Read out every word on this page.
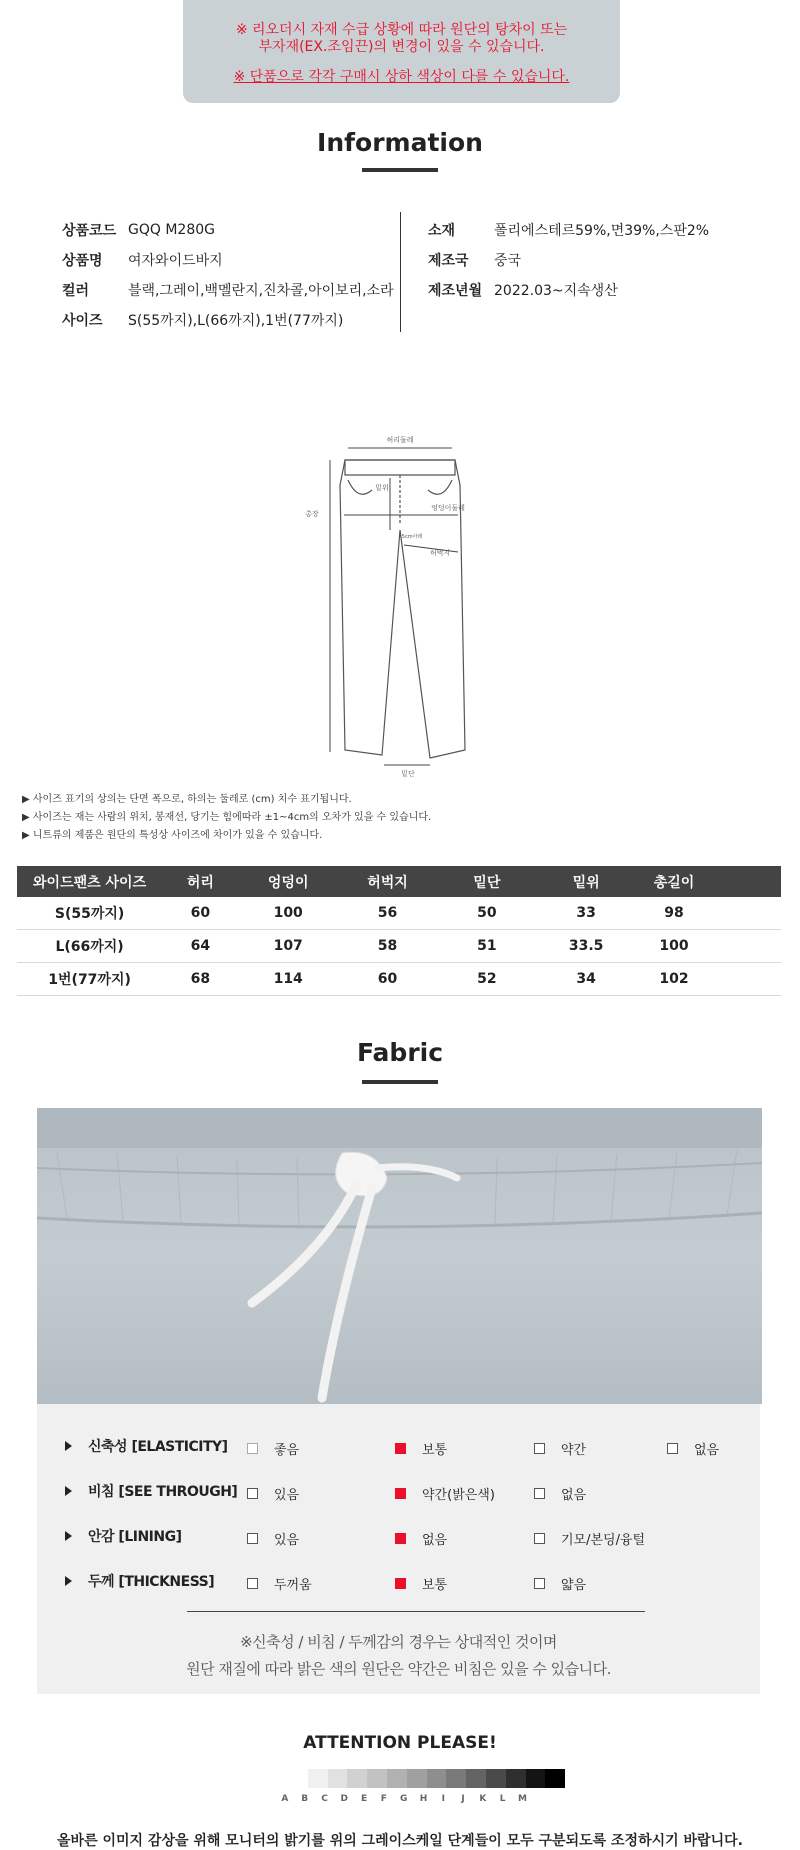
※ 리오더시 자재 수급 상황에 따라 원단의 탕차이 또는
부자재(EX.조임끈)의 변경이 있을 수 있습니다.
※ 단품으로 각각 구매시 상하 색상이 다를 수 있습니다.
Information
상품코드 GQQ M280G
상품명	여자와이드바지
컬러	블랙,그레이,백멜란지,진차콜,아이보리,소라
사이즈	S(55까지),L(66까지),1번(77까지)
소재	폴리에스테르59%,면39%,스판2%
제조국	중국
제조년월 2022.03~지속생산
허리둘레
총장
밑위
엉덩이둘레
5cm아래
허벅지
밑단
▶ 사이즈 표기의 상의는 단면 폭으로, 하의는 둘레로 (cm) 치수 표기됩니다.
▶ 사이즈는 재는 사람의 위치, 봉재선, 당기는 힘에따라 ±1~4cm의 오차가 있을 수 있습니다.
▶ 니트류의 제품은 원단의 특성상 사이즈에 차이가 있을 수 있습니다.
와이드팬츠 사이즈	허리	엉덩이	허벅지	밑단	밑위	총길이	
S(55까지)	60	100	56	50	33	98	
L(66까지)	64	107	58	51	33.5	100	
1번(77까지)	68	114	60	52	34	102	
Fabric
신축성 [ELASTICITY]	좋음	보통	약간	없음
비침 [SEE THROUGH]	있음	약간(밝은색)	없음
안감 [LINING]	있음	없음	기모/본딩/융털
두께 [THICKNESS]	두꺼움	보통	얇음
※신축성 / 비침 / 두께감의 경우는 상대적인 것이며
원단 재질에 따라 밝은 색의 원단은 약간은 비침은 있을 수 있습니다.
ATTENTION PLEASE!
A	B	C	D	E	F	G	H	I	J	K	L	M
올바른 이미지 감상을 위해 모니터의 밝기를 위의 그레이스케일 단계들이 모두 구분되도록 조정하시기 바랍니다.
